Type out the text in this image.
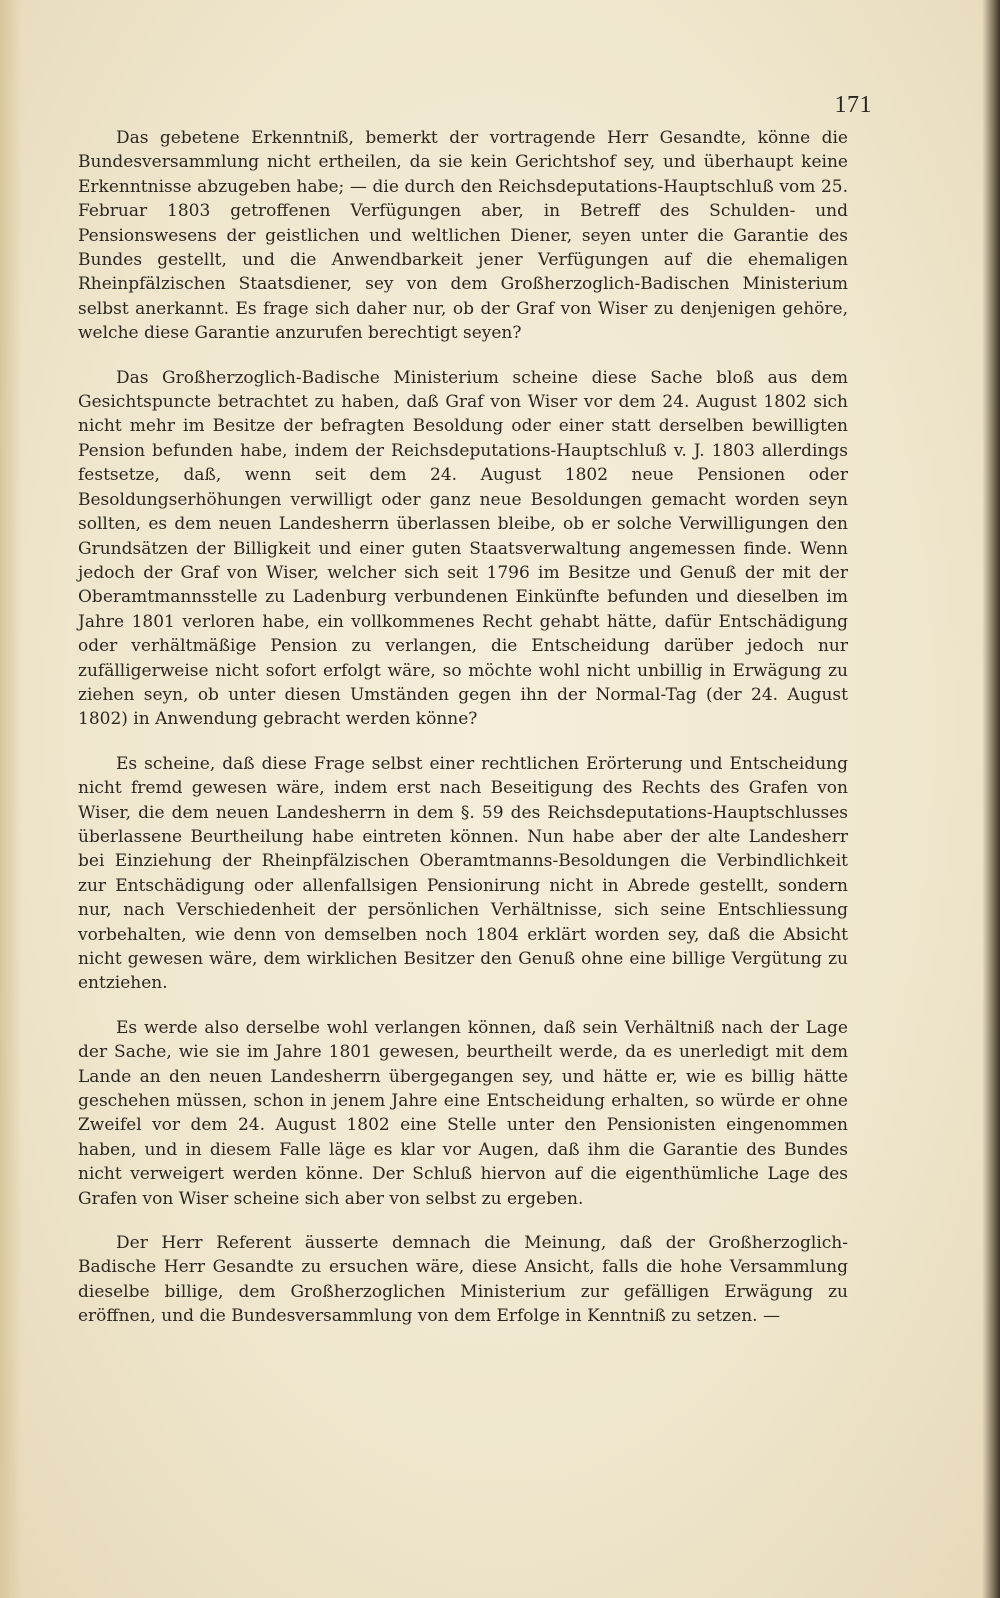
171

Das gebetene Erkenntniß, bemerkt der vortragende Herr Gesandte, könne die Bundesversammlung nicht ertheilen, da sie kein Gerichtshof sey, und überhaupt keine Erkenntnisse abzugeben habe; — die durch den Reichsdeputations-Hauptschluß vom 25. Februar 1803 getroffenen Verfügungen aber, in Betreff des Schulden- und Pensionswesens der geistlichen und weltlichen Diener, seyen unter die Garantie des Bundes gestellt, und die Anwendbarkeit jener Verfügungen auf die ehemaligen Rheinpfälzischen Staatsdiener, sey von dem Großherzoglich-Badischen Ministerium selbst anerkannt. Es frage sich daher nur, ob der Graf von Wiser zu denjenigen gehöre, welche diese Garantie anzurufen berechtigt seyen?

Das Großherzoglich-Badische Ministerium scheine diese Sache bloß aus dem Gesichtspuncte betrachtet zu haben, daß Graf von Wiser vor dem 24. August 1802 sich nicht mehr im Besitze der befragten Besoldung oder einer statt derselben bewilligten Pension befunden habe, indem der Reichsdeputations-Hauptschluß v. J. 1803 allerdings festsetze, daß, wenn seit dem 24. August 1802 neue Pensionen oder Besoldungserhöhungen verwilligt oder ganz neue Besoldungen gemacht worden seyn sollten, es dem neuen Landesherrn überlassen bleibe, ob er solche Verwilligungen den Grundsätzen der Billigkeit und einer guten Staatsverwaltung angemessen finde. Wenn jedoch der Graf von Wiser, welcher sich seit 1796 im Besitze und Genuß der mit der Oberamtmannsstelle zu Ladenburg verbundenen Einkünfte befunden und dieselben im Jahre 1801 verloren habe, ein vollkommenes Recht gehabt hätte, dafür Entschädigung oder verhältmäßige Pension zu verlangen, die Entscheidung darüber jedoch nur zufälligerweise nicht sofort erfolgt wäre, so möchte wohl nicht unbillig in Erwägung zu ziehen seyn, ob unter diesen Umständen gegen ihn der Normal-Tag (der 24. August 1802) in Anwendung gebracht werden könne?

Es scheine, daß diese Frage selbst einer rechtlichen Erörterung und Entscheidung nicht fremd gewesen wäre, indem erst nach Beseitigung des Rechts des Grafen von Wiser, die dem neuen Landesherrn in dem §. 59 des Reichsdeputations-Hauptschlusses überlassene Beurtheilung habe eintreten können. Nun habe aber der alte Landesherr bei Einziehung der Rheinpfälzischen Oberamtmanns-Besoldungen die Verbindlichkeit zur Entschädigung oder allenfallsigen Pensionirung nicht in Abrede gestellt, sondern nur, nach Verschiedenheit der persönlichen Verhältnisse, sich seine Entschliessung vorbehalten, wie denn von demselben noch 1804 erklärt worden sey, daß die Absicht nicht gewesen wäre, dem wirklichen Besitzer den Genuß ohne eine billige Vergütung zu entziehen.

Es werde also derselbe wohl verlangen können, daß sein Verhältniß nach der Lage der Sache, wie sie im Jahre 1801 gewesen, beurtheilt werde, da es unerledigt mit dem Lande an den neuen Landesherrn übergegangen sey, und hätte er, wie es billig hätte geschehen müssen, schon in jenem Jahre eine Entscheidung erhalten, so würde er ohne Zweifel vor dem 24. August 1802 eine Stelle unter den Pensionisten eingenommen haben, und in diesem Falle läge es klar vor Augen, daß ihm die Garantie des Bundes nicht verweigert werden könne. Der Schluß hiervon auf die eigenthümliche Lage des Grafen von Wiser scheine sich aber von selbst zu ergeben.

Der Herr Referent äusserte demnach die Meinung, daß der Großherzoglich-Badische Herr Gesandte zu ersuchen wäre, diese Ansicht, falls die hohe Versammlung dieselbe billige, dem Großherzoglichen Ministerium zur gefälligen Erwägung zu eröffnen, und die Bundesversammlung von dem Erfolge in Kenntniß zu setzen. —
